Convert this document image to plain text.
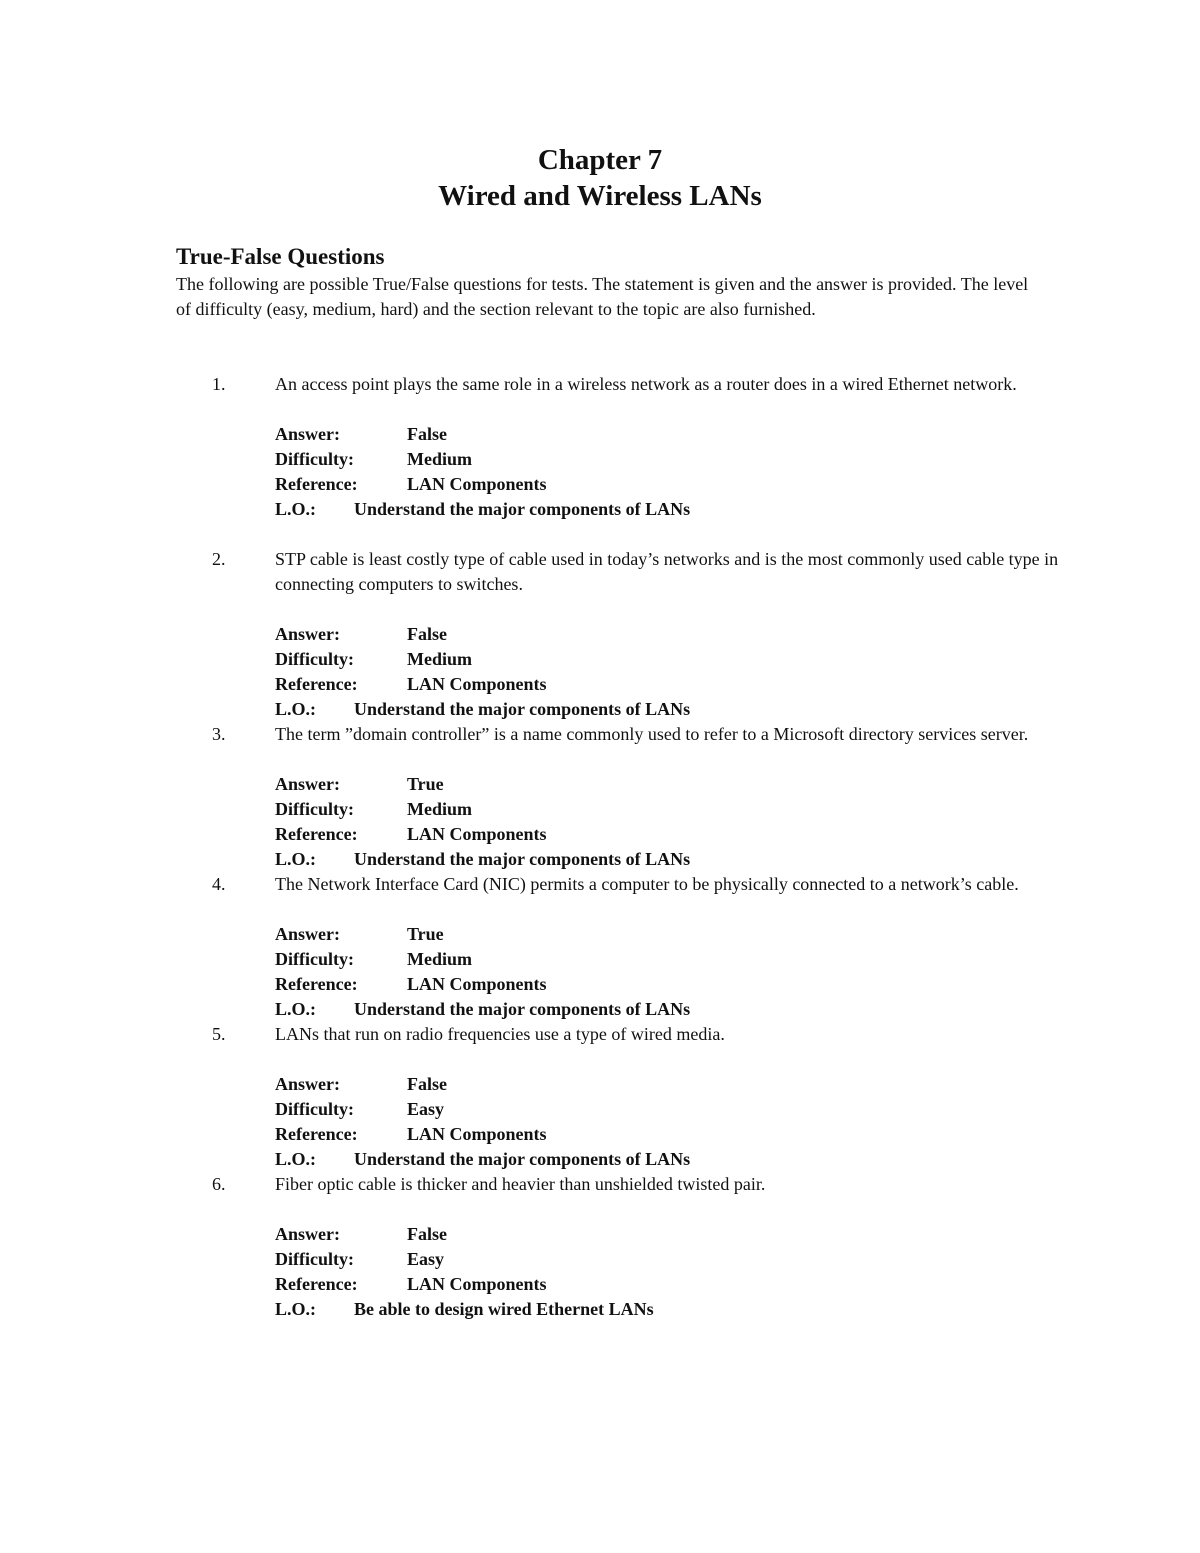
Chapter 7
Wired and Wireless LANs
True-False Questions
The following are possible True/False questions for tests. The statement is given and the answer is provided. The level of difficulty (easy, medium, hard) and the section relevant to the topic are also furnished.
1.	An access point plays the same role in a wireless network as a router does in a wired Ethernet network.
Answer:	False
Difficulty:	Medium
Reference:	LAN Components
L.O.: Understand the major components of LANs
2.	STP cable is least costly type of cable used in today’s networks and is the most commonly used cable type in connecting computers to switches.
Answer:	False
Difficulty:	Medium
Reference:	LAN Components
L.O.: Understand the major components of LANs
3.	The term ”domain controller” is a name commonly used to refer to a Microsoft directory services server.
Answer:	True
Difficulty:	Medium
Reference:	LAN Components
L.O.: Understand the major components of LANs
4.	The Network Interface Card (NIC) permits a computer to be physically connected to a network’s cable.
Answer:	True
Difficulty:	Medium
Reference:	LAN Components
L.O.: Understand the major components of LANs
5.	LANs that run on radio frequencies use a type of wired media.
Answer:	False
Difficulty:	Easy
Reference:	LAN Components
L.O.: Understand the major components of LANs
6.	Fiber optic cable is thicker and heavier than unshielded twisted pair.
Answer:	False
Difficulty:	Easy
Reference:	LAN Components
L.O.: Be able to design wired Ethernet LANs
